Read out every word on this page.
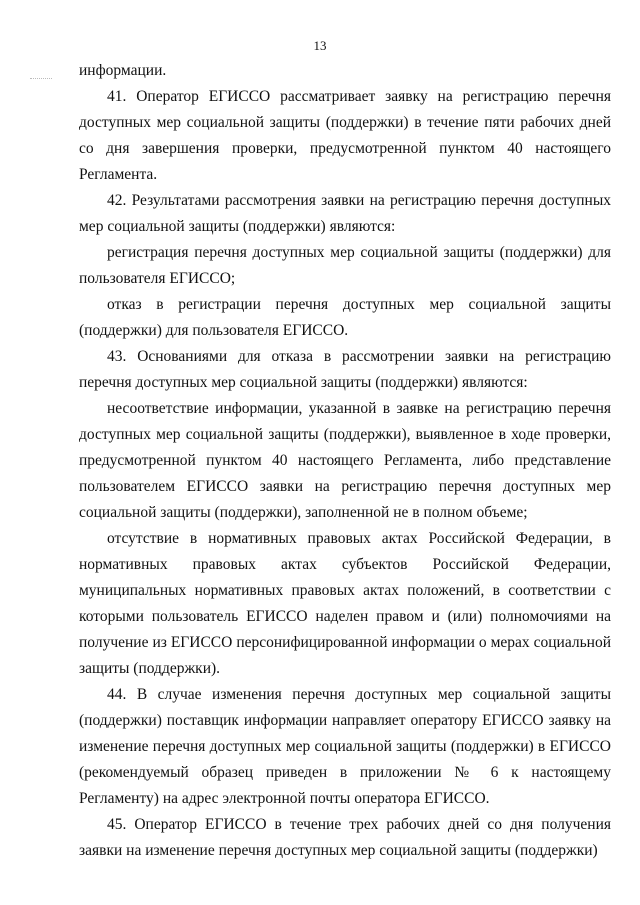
13

информации.

41. Оператор ЕГИССО рассматривает заявку на регистрацию перечня доступных мер социальной защиты (поддержки) в течение пяти рабочих дней со дня завершения проверки, предусмотренной пунктом 40 настоящего Регламента.

42. Результатами рассмотрения заявки на регистрацию перечня доступных мер социальной защиты (поддержки) являются:

регистрация перечня доступных мер социальной защиты (поддержки) для пользователя ЕГИССО;

отказ в регистрации перечня доступных мер социальной защиты (поддержки) для пользователя ЕГИССО.

43. Основаниями для отказа в рассмотрении заявки на регистрацию перечня доступных мер социальной защиты (поддержки) являются:

несоответствие информации, указанной в заявке на регистрацию перечня доступных мер социальной защиты (поддержки), выявленное в ходе проверки, предусмотренной пунктом 40 настоящего Регламента, либо представление пользователем ЕГИССО заявки на регистрацию перечня доступных мер социальной защиты (поддержки), заполненной не в полном объеме;

отсутствие в нормативных правовых актах Российской Федерации, в нормативных правовых актах субъектов Российской Федерации, муниципальных нормативных правовых актах положений, в соответствии с которыми пользователь ЕГИССО наделен правом и (или) полномочиями на получение из ЕГИССО персонифицированной информации о мерах социальной защиты (поддержки).

44. В случае изменения перечня доступных мер социальной защиты (поддержки) поставщик информации направляет оператору ЕГИССО заявку на изменение перечня доступных мер социальной защиты (поддержки) в ЕГИССО (рекомендуемый образец приведен в приложении № 6 к настоящему Регламенту) на адрес электронной почты оператора ЕГИССО.

45. Оператор ЕГИССО в течение трех рабочих дней со дня получения заявки на изменение перечня доступных мер социальной защиты (поддержки)
